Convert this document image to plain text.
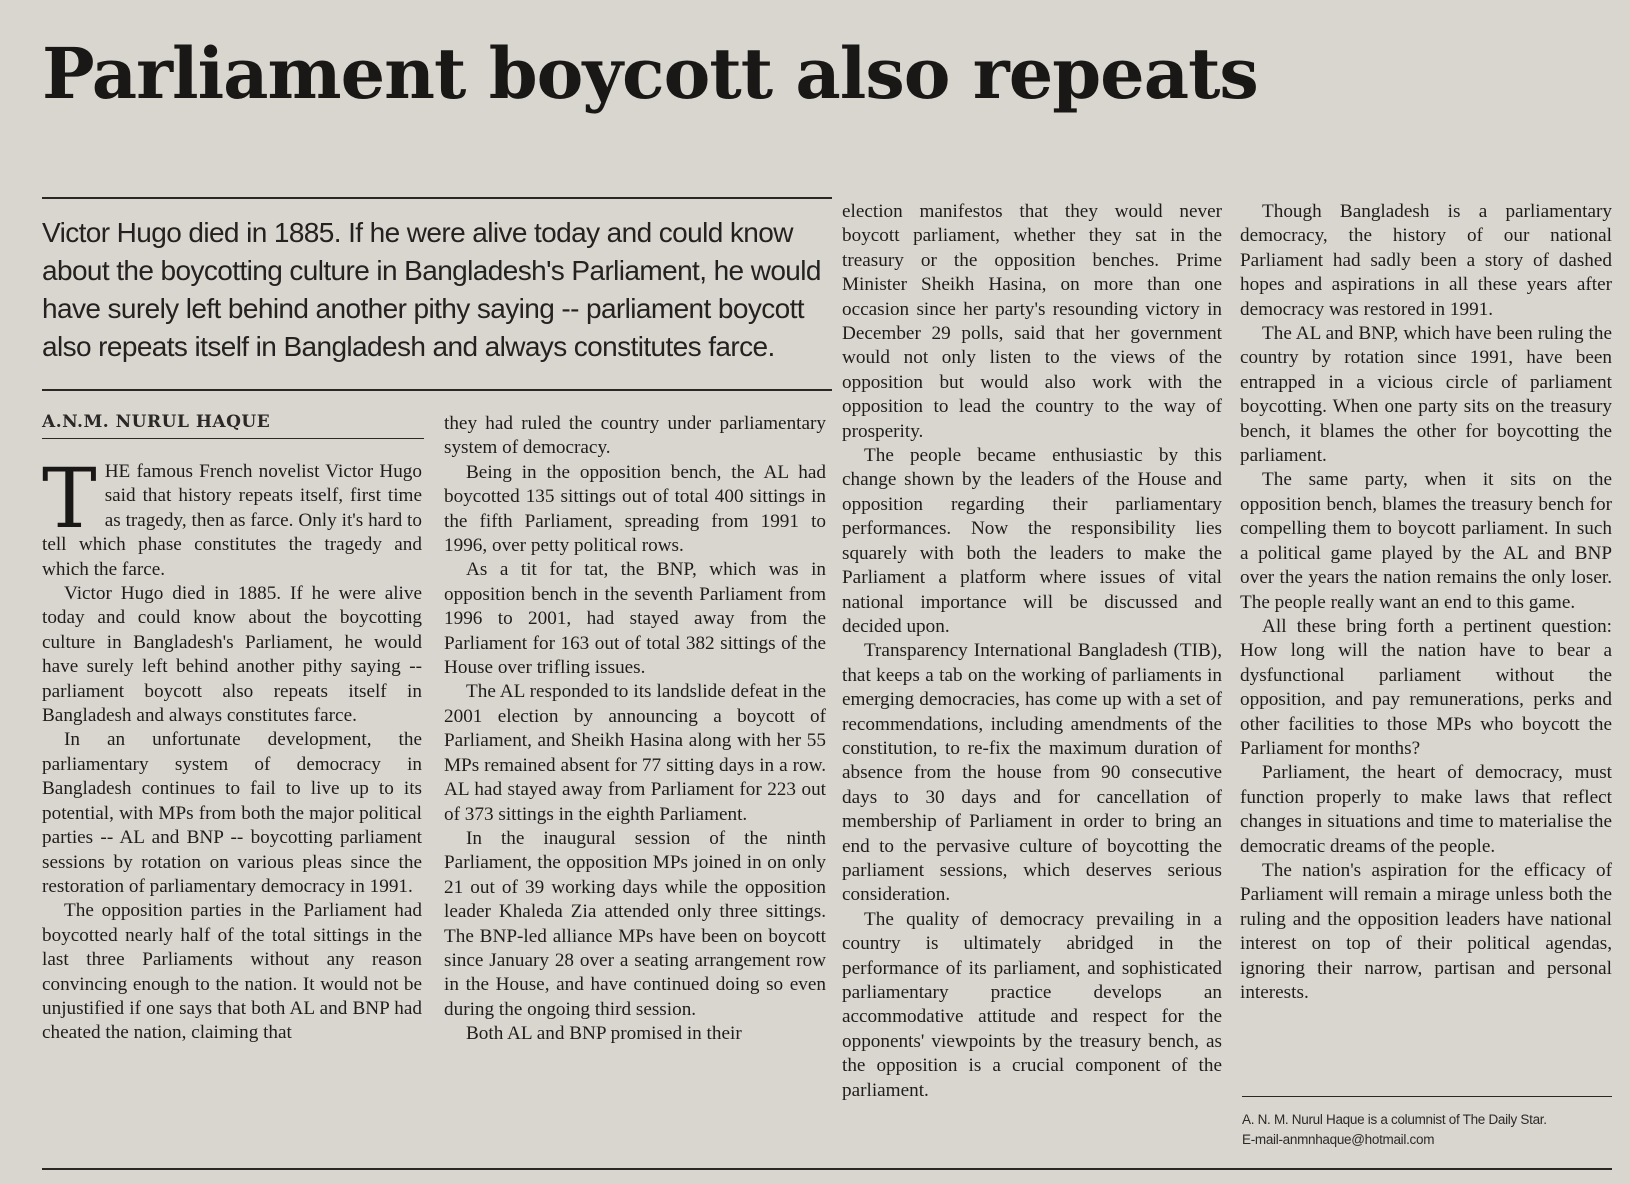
Parliament boycott also repeats

Victor Hugo died in 1885. If he were alive today and could know about the boycotting culture in Bangladesh's Parliament, he would have surely left behind another pithy saying -- parliament boycott also repeats itself in Bangladesh and always constitutes farce.

A.N.M. NURUL HAQUE

THE famous French novelist Victor Hugo said that history repeats itself, first time as tragedy, then as farce. Only it's hard to tell which phase constitutes the tragedy and which the farce.

Victor Hugo died in 1885. If he were alive today and could know about the boycotting culture in Bangladesh's Parliament, he would have surely left behind another pithy saying -- parliament boycott also repeats itself in Bangladesh and always constitutes farce.

In an unfortunate development, the parliamentary system of democracy in Bangladesh continues to fail to live up to its potential, with MPs from both the major political parties -- AL and BNP -- boycotting parliament sessions by rotation on various pleas since the restoration of parliamentary democracy in 1991.

The opposition parties in the Parliament had boycotted nearly half of the total sittings in the last three Parliaments without any reason convincing enough to the nation. It would not be unjustified if one says that both AL and BNP had cheated the nation, claiming that

they had ruled the country under parliamentary system of democracy.

Being in the opposition bench, the AL had boycotted 135 sittings out of total 400 sittings in the fifth Parliament, spreading from 1991 to 1996, over petty political rows.

As a tit for tat, the BNP, which was in opposition bench in the seventh Parliament from 1996 to 2001, had stayed away from the Parliament for 163 out of total 382 sittings of the House over trifling issues.

The AL responded to its landslide defeat in the 2001 election by announcing a boycott of Parliament, and Sheikh Hasina along with her 55 MPs remained absent for 77 sitting days in a row. AL had stayed away from Parliament for 223 out of 373 sittings in the eighth Parliament.

In the inaugural session of the ninth Parliament, the opposition MPs joined in on only 21 out of 39 working days while the opposition leader Khaleda Zia attended only three sittings. The BNP-led alliance MPs have been on boycott since January 28 over a seating arrangement row in the House, and have continued doing so even during the ongoing third session.

Both AL and BNP promised in their

election manifestos that they would never boycott parliament, whether they sat in the treasury or the opposition benches. Prime Minister Sheikh Hasina, on more than one occasion since her party's resounding victory in December 29 polls, said that her government would not only listen to the views of the opposition but would also work with the opposition to lead the country to the way of prosperity.

The people became enthusiastic by this change shown by the leaders of the House and opposition regarding their parliamentary performances. Now the responsibility lies squarely with both the leaders to make the Parliament a platform where issues of vital national importance will be discussed and decided upon.

Transparency International Bangladesh (TIB), that keeps a tab on the working of parliaments in emerging democracies, has come up with a set of recommendations, including amendments of the constitution, to re-fix the maximum duration of absence from the house from 90 consecutive days to 30 days and for cancellation of membership of Parliament in order to bring an end to the pervasive culture of boycotting the parliament sessions, which deserves serious consideration.

The quality of democracy prevailing in a country is ultimately abridged in the performance of its parliament, and sophisticated parliamentary practice develops an accommodative attitude and respect for the opponents' viewpoints by the treasury bench, as the opposition is a crucial component of the parliament.

Though Bangladesh is a parliamentary democracy, the history of our national Parliament had sadly been a story of dashed hopes and aspirations in all these years after democracy was restored in 1991.

The AL and BNP, which have been ruling the country by rotation since 1991, have been entrapped in a vicious circle of parliament boycotting. When one party sits on the treasury bench, it blames the other for boycotting the parliament.

The same party, when it sits on the opposition bench, blames the treasury bench for compelling them to boycott parliament. In such a political game played by the AL and BNP over the years the nation remains the only loser. The people really want an end to this game.

All these bring forth a pertinent question: How long will the nation have to bear a dysfunctional parliament without the opposition, and pay remunerations, perks and other facilities to those MPs who boycott the Parliament for months?

Parliament, the heart of democracy, must function properly to make laws that reflect changes in situations and time to materialise the democratic dreams of the people.

The nation's aspiration for the efficacy of Parliament will remain a mirage unless both the ruling and the opposition leaders have national interest on top of their political agendas, ignoring their narrow, partisan and personal interests.

A. N. M. Nurul Haque is a columnist of The Daily Star.
E-mail-anmnhaque@hotmail.com
